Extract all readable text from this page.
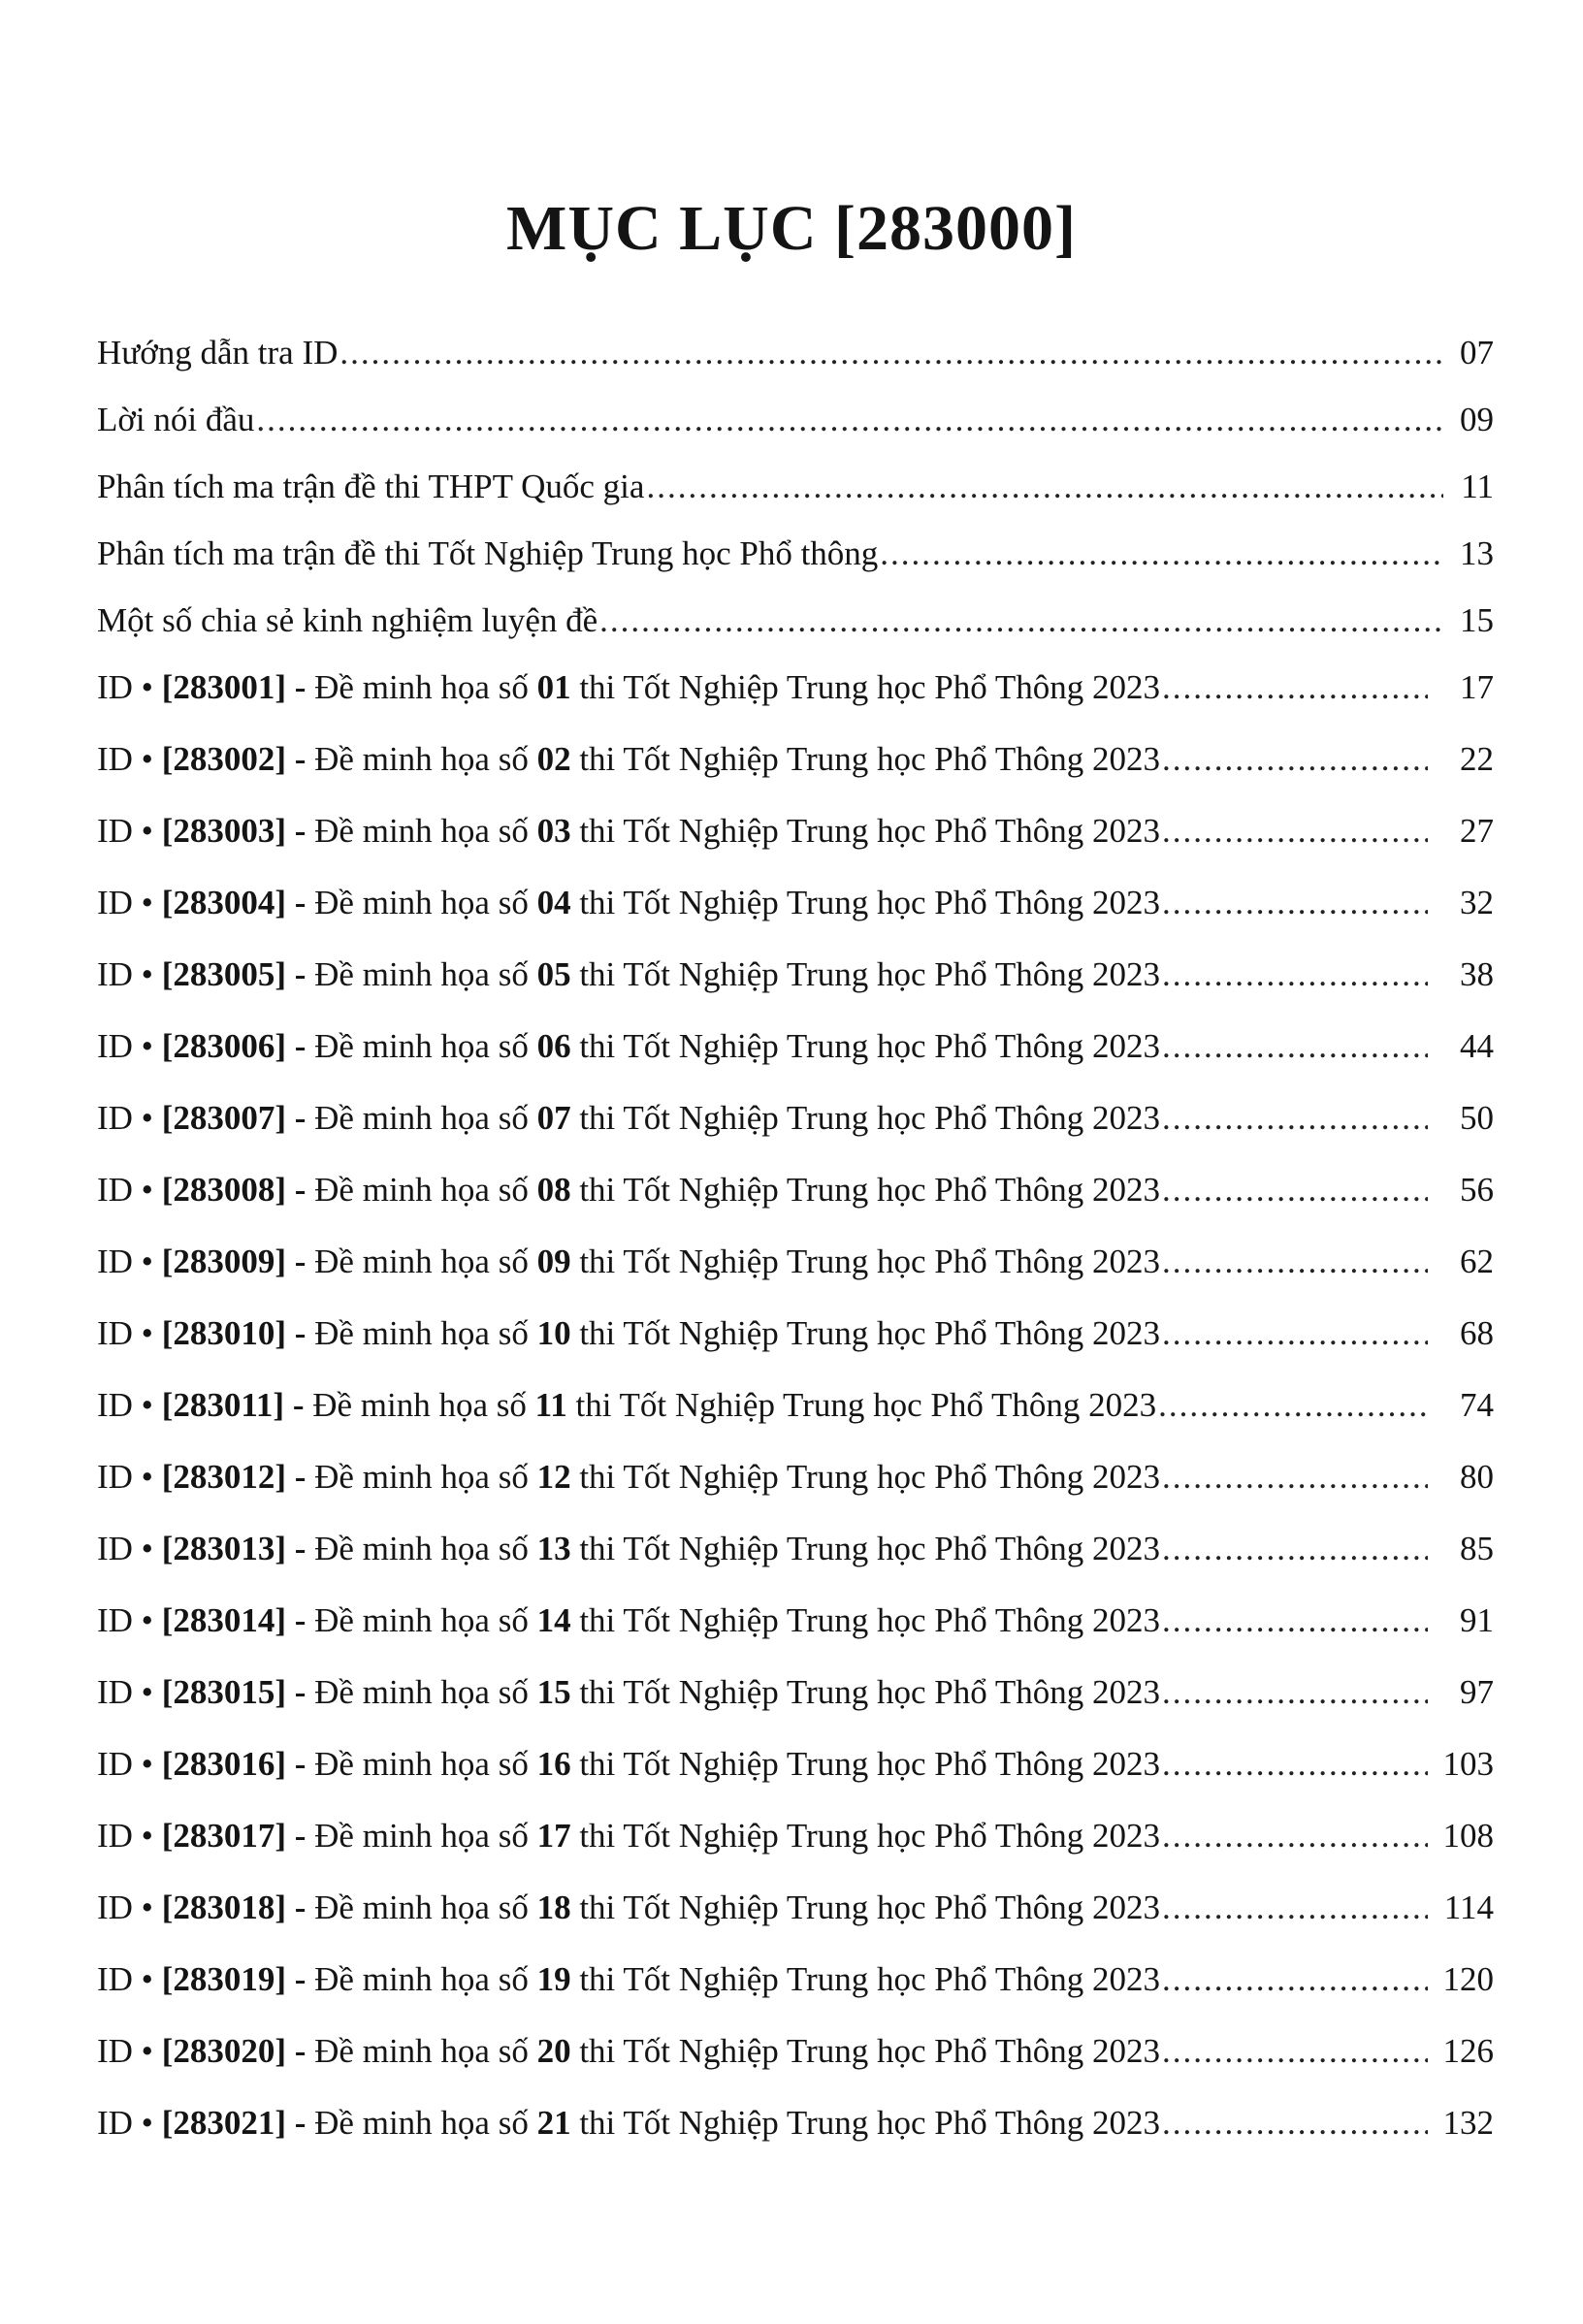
MỤC LỤC [283000]
Hướng dẫn tra ID .....	07
Lời nói đầu .....	09
Phân tích ma trận đề thi THPT Quốc gia .....	11
Phân tích ma trận đề thi Tốt Nghiệp Trung học Phổ thông .....	13
Một số chia sẻ kinh nghiệm luyện đề .....	15
ID • [283001] - Đề minh họa số 01 thi Tốt Nghiệp Trung học Phổ Thông 2023 .....	17
ID • [283002] - Đề minh họa số 02 thi Tốt Nghiệp Trung học Phổ Thông 2023 .....	22
ID • [283003] - Đề minh họa số 03 thi Tốt Nghiệp Trung học Phổ Thông 2023 .....	27
ID • [283004] - Đề minh họa số 04 thi Tốt Nghiệp Trung học Phổ Thông 2023 .....	32
ID • [283005] - Đề minh họa số 05 thi Tốt Nghiệp Trung học Phổ Thông 2023 .....	38
ID • [283006] - Đề minh họa số 06 thi Tốt Nghiệp Trung học Phổ Thông 2023 .....	44
ID • [283007] - Đề minh họa số 07 thi Tốt Nghiệp Trung học Phổ Thông 2023 .....	50
ID • [283008] - Đề minh họa số 08 thi Tốt Nghiệp Trung học Phổ Thông 2023 .....	56
ID • [283009] - Đề minh họa số 09 thi Tốt Nghiệp Trung học Phổ Thông 2023 .....	62
ID • [283010] - Đề minh họa số 10 thi Tốt Nghiệp Trung học Phổ Thông 2023 .....	68
ID • [283011] - Đề minh họa số 11 thi Tốt Nghiệp Trung học Phổ Thông 2023 .....	74
ID • [283012] - Đề minh họa số 12 thi Tốt Nghiệp Trung học Phổ Thông 2023 .....	80
ID • [283013] - Đề minh họa số 13 thi Tốt Nghiệp Trung học Phổ Thông 2023 .....	85
ID • [283014] - Đề minh họa số 14 thi Tốt Nghiệp Trung học Phổ Thông 2023 .....	91
ID • [283015] - Đề minh họa số 15 thi Tốt Nghiệp Trung học Phổ Thông 2023 .....	97
ID • [283016] - Đề minh họa số 16 thi Tốt Nghiệp Trung học Phổ Thông 2023 .....	103
ID • [283017] - Đề minh họa số 17 thi Tốt Nghiệp Trung học Phổ Thông 2023 .....	108
ID • [283018] - Đề minh họa số 18 thi Tốt Nghiệp Trung học Phổ Thông 2023 .....	114
ID • [283019] - Đề minh họa số 19 thi Tốt Nghiệp Trung học Phổ Thông 2023 .....	120
ID • [283020] - Đề minh họa số 20 thi Tốt Nghiệp Trung học Phổ Thông 2023 .....	126
ID • [283021] - Đề minh họa số 21 thi Tốt Nghiệp Trung học Phổ Thông 2023 .....	132
